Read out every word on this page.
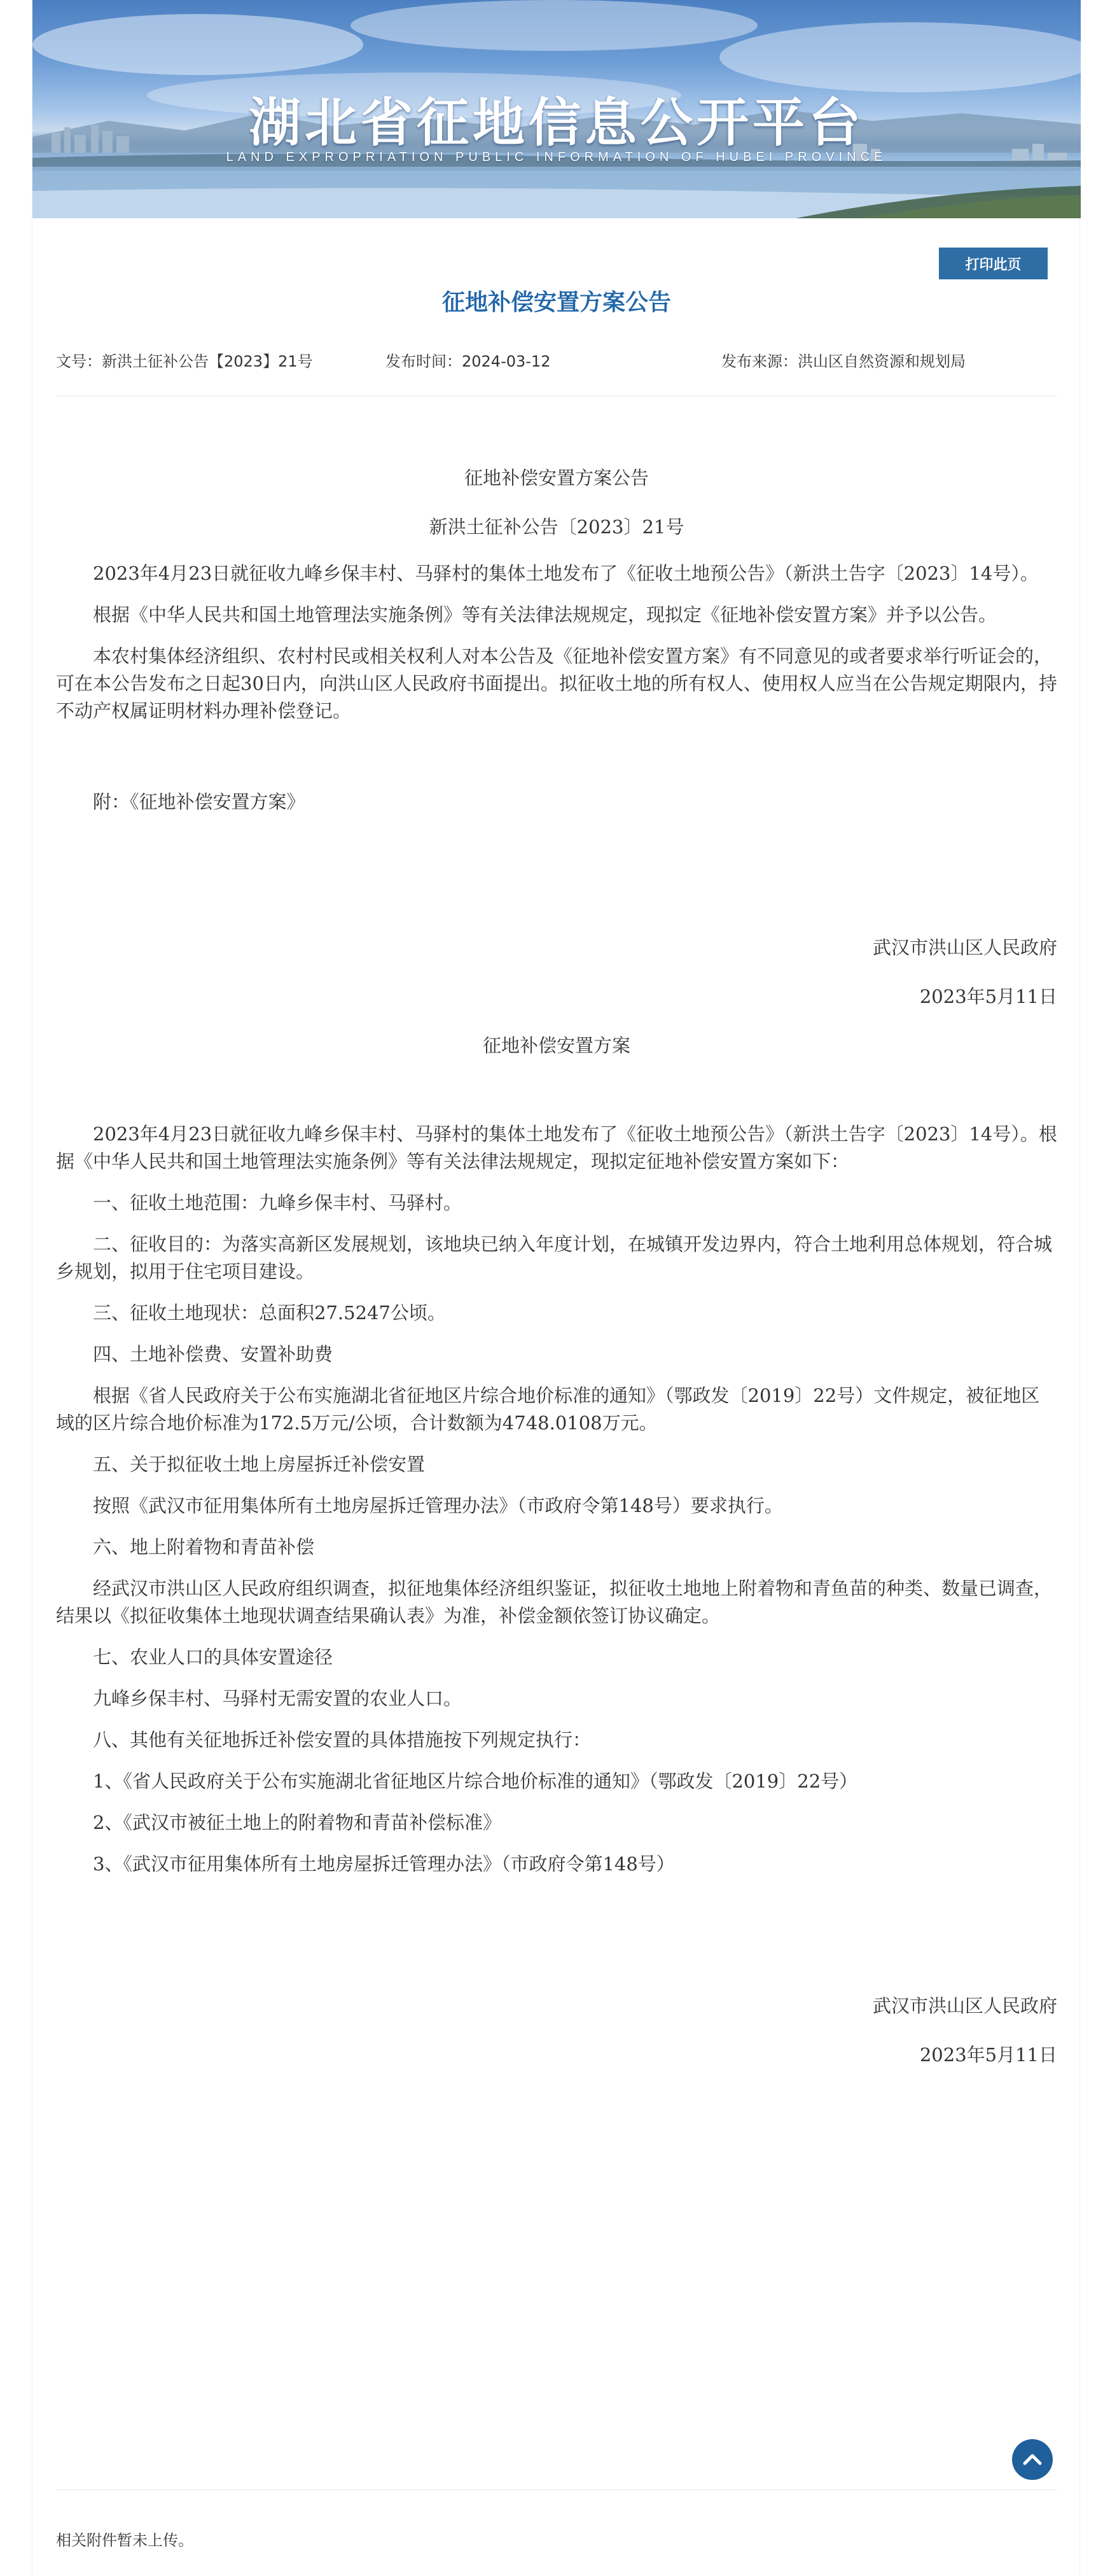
湖北省征地信息公开平台
LAND EXPROPRIATION PUBLIC INFORMATION OF HUBEI PROVINCE
打印此页
征地补偿安置方案公告
文号：新洪土征补公告【2023】21号	发布时间：2024-03-12	发布来源：洪山区自然资源和规划局

征地补偿安置方案公告

新洪土征补公告〔2023〕21号

2023年4月23日就征收九峰乡保丰村、马驿村的集体土地发布了《征收土地预公告》（新洪土告字〔2023〕14号）。

根据《中华人民共和国土地管理法实施条例》等有关法律法规规定，现拟定《征地补偿安置方案》并予以公告。

本农村集体经济组织、农村村民或相关权利人对本公告及《征地补偿安置方案》有不同意见的或者要求举行听证会的，可在本公告发布之日起30日内，向洪山区人民政府书面提出。拟征收土地的所有权人、使用权人应当在公告规定期限内，持不动产权属证明材料办理补偿登记。

附：《征地补偿安置方案》

武汉市洪山区人民政府

2023年5月11日

征地补偿安置方案

2023年4月23日就征收九峰乡保丰村、马驿村的集体土地发布了《征收土地预公告》（新洪土告字〔2023〕14号）。根据《中华人民共和国土地管理法实施条例》等有关法律法规规定，现拟定征地补偿安置方案如下：

一、征收土地范围：九峰乡保丰村、马驿村。

二、征收目的：为落实高新区发展规划，该地块已纳入年度计划，在城镇开发边界内，符合土地利用总体规划，符合城乡规划，拟用于住宅项目建设。

三、征收土地现状：总面积27.5247公顷。

四、土地补偿费、安置补助费

根据《省人民政府关于公布实施湖北省征地区片综合地价标准的通知》（鄂政发〔2019〕22号）文件规定，被征地区域的区片综合地价标准为172.5万元/公顷，合计数额为4748.0108万元。

五、关于拟征收土地上房屋拆迁补偿安置

按照《武汉市征用集体所有土地房屋拆迁管理办法》（市政府令第148号）要求执行。

六、地上附着物和青苗补偿

经武汉市洪山区人民政府组织调查，拟征地集体经济组织鉴证，拟征收土地地上附着物和青鱼苗的种类、数量已调查，结果以《拟征收集体土地现状调查结果确认表》为准，补偿金额依签订协议确定。

七、农业人口的具体安置途径

九峰乡保丰村、马驿村无需安置的农业人口。

八、其他有关征地拆迁补偿安置的具体措施按下列规定执行：

1、《省人民政府关于公布实施湖北省征地区片综合地价标准的通知》（鄂政发〔2019〕22号）

2、《武汉市被征土地上的附着物和青苗补偿标准》

3、《武汉市征用集体所有土地房屋拆迁管理办法》（市政府令第148号）

武汉市洪山区人民政府

2023年5月11日

相关附件暂未上传。
